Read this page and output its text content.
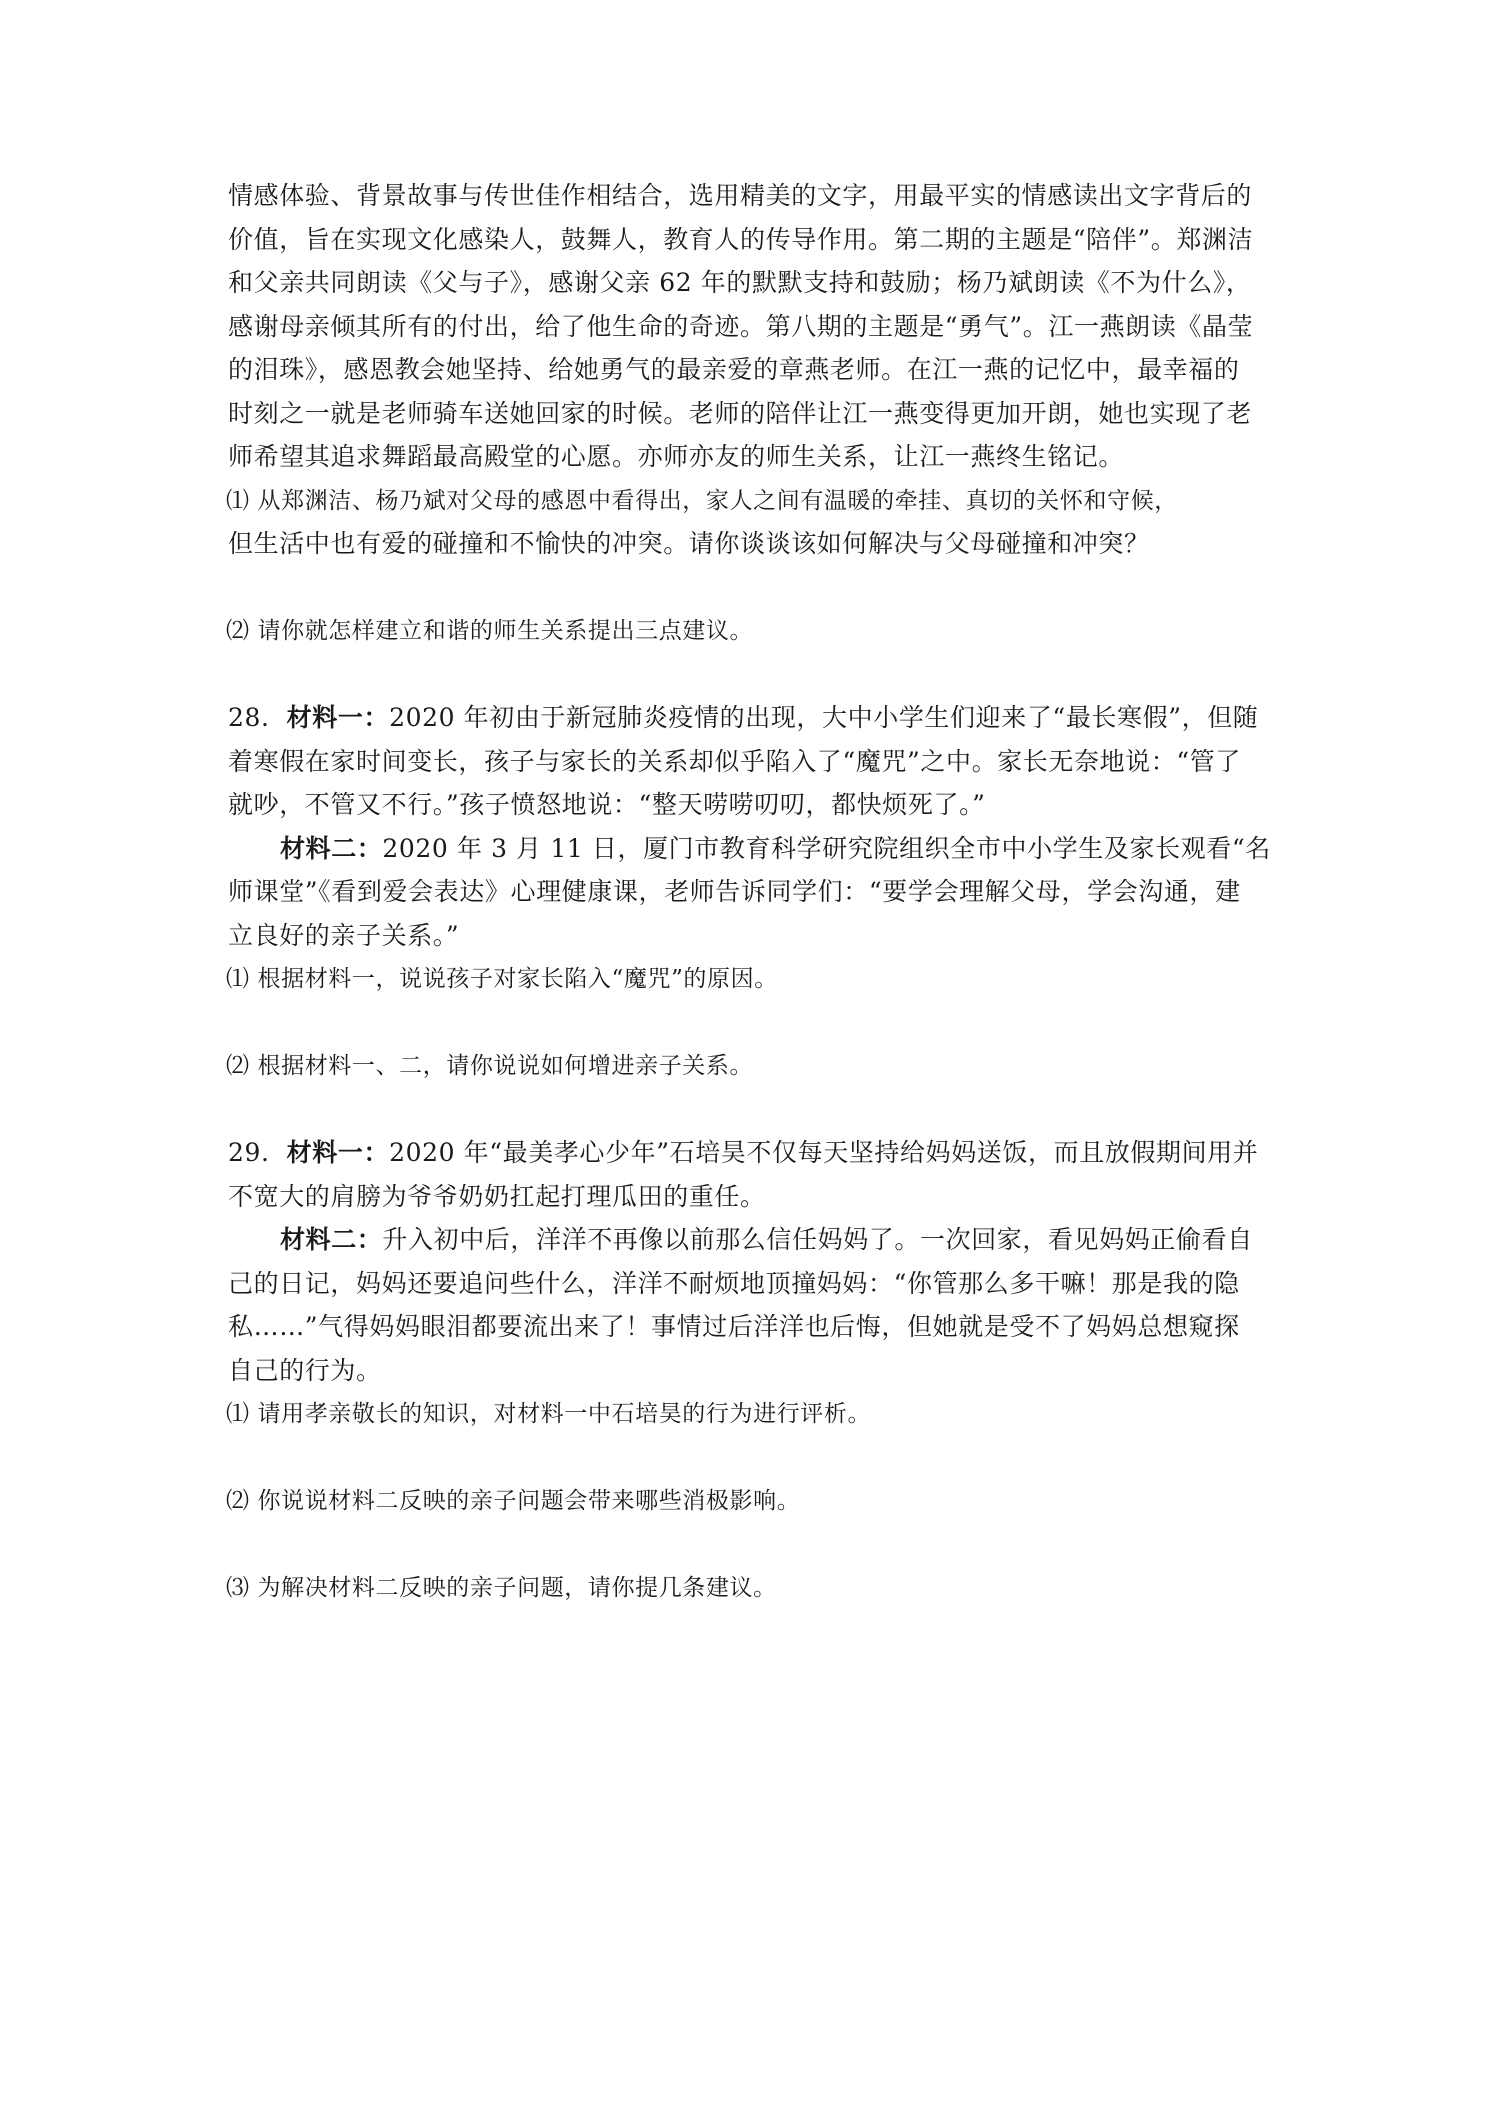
情感体验、背景故事与传世佳作相结合，选用精美的文字，用最平实的情感读出文字背后的
价值，旨在实现文化感染人，鼓舞人，教育人的传导作用。第二期的主题是“陪伴”。郑渊洁
和父亲共同朗读《父与子》，感谢父亲 62 年的默默支持和鼓励；杨乃斌朗读《不为什么》，
感谢母亲倾其所有的付出，给了他生命的奇迹。第八期的主题是“勇气”。江一燕朗读《晶莹
的泪珠》，感恩教会她坚持、给她勇气的最亲爱的章燕老师。在江一燕的记忆中，最幸福的
时刻之一就是老师骑车送她回家的时候。老师的陪伴让江一燕变得更加开朗，她也实现了老
师希望其追求舞蹈最高殿堂的心愿。亦师亦友的师生关系，让江一燕终生铭记。
⑴ 从郑渊洁、杨乃斌对父母的感恩中看得出，家人之间有温暖的牵挂、真切的关怀和守候，
但生活中也有爱的碰撞和不愉快的冲突。请你谈谈该如何解决与父母碰撞和冲突？
⑵ 请你就怎样建立和谐的师生关系提出三点建议。
28. 材料一：2020 年初由于新冠肺炎疫情的出现，大中小学生们迎来了“最长寒假”，但随
着寒假在家时间变长，孩子与家长的关系却似乎陷入了“魔咒”之中。家长无奈地说：“管了
就吵，不管又不行。”孩子愤怒地说：“整天唠唠叨叨，都快烦死了。”
材料二：2020 年 3 月 11 日，厦门市教育科学研究院组织全市中小学生及家长观看“名
师课堂”《看到爱会表达》心理健康课，老师告诉同学们：“要学会理解父母，学会沟通，建
立良好的亲子关系。”
⑴ 根据材料一，说说孩子对家长陷入“魔咒”的原因。
⑵ 根据材料一、二，请你说说如何增进亲子关系。
29. 材料一：2020 年“最美孝心少年”石培昊不仅每天坚持给妈妈送饭，而且放假期间用并
不宽大的肩膀为爷爷奶奶扛起打理瓜田的重任。
材料二：升入初中后，洋洋不再像以前那么信任妈妈了。一次回家，看见妈妈正偷看自
己的日记，妈妈还要追问些什么，洋洋不耐烦地顶撞妈妈：“你管那么多干嘛！那是我的隐
私……”气得妈妈眼泪都要流出来了！事情过后洋洋也后悔，但她就是受不了妈妈总想窥探
自己的行为。
⑴ 请用孝亲敬长的知识，对材料一中石培昊的行为进行评析。
⑵ 你说说材料二反映的亲子问题会带来哪些消极影响。
⑶ 为解决材料二反映的亲子问题，请你提几条建议。
